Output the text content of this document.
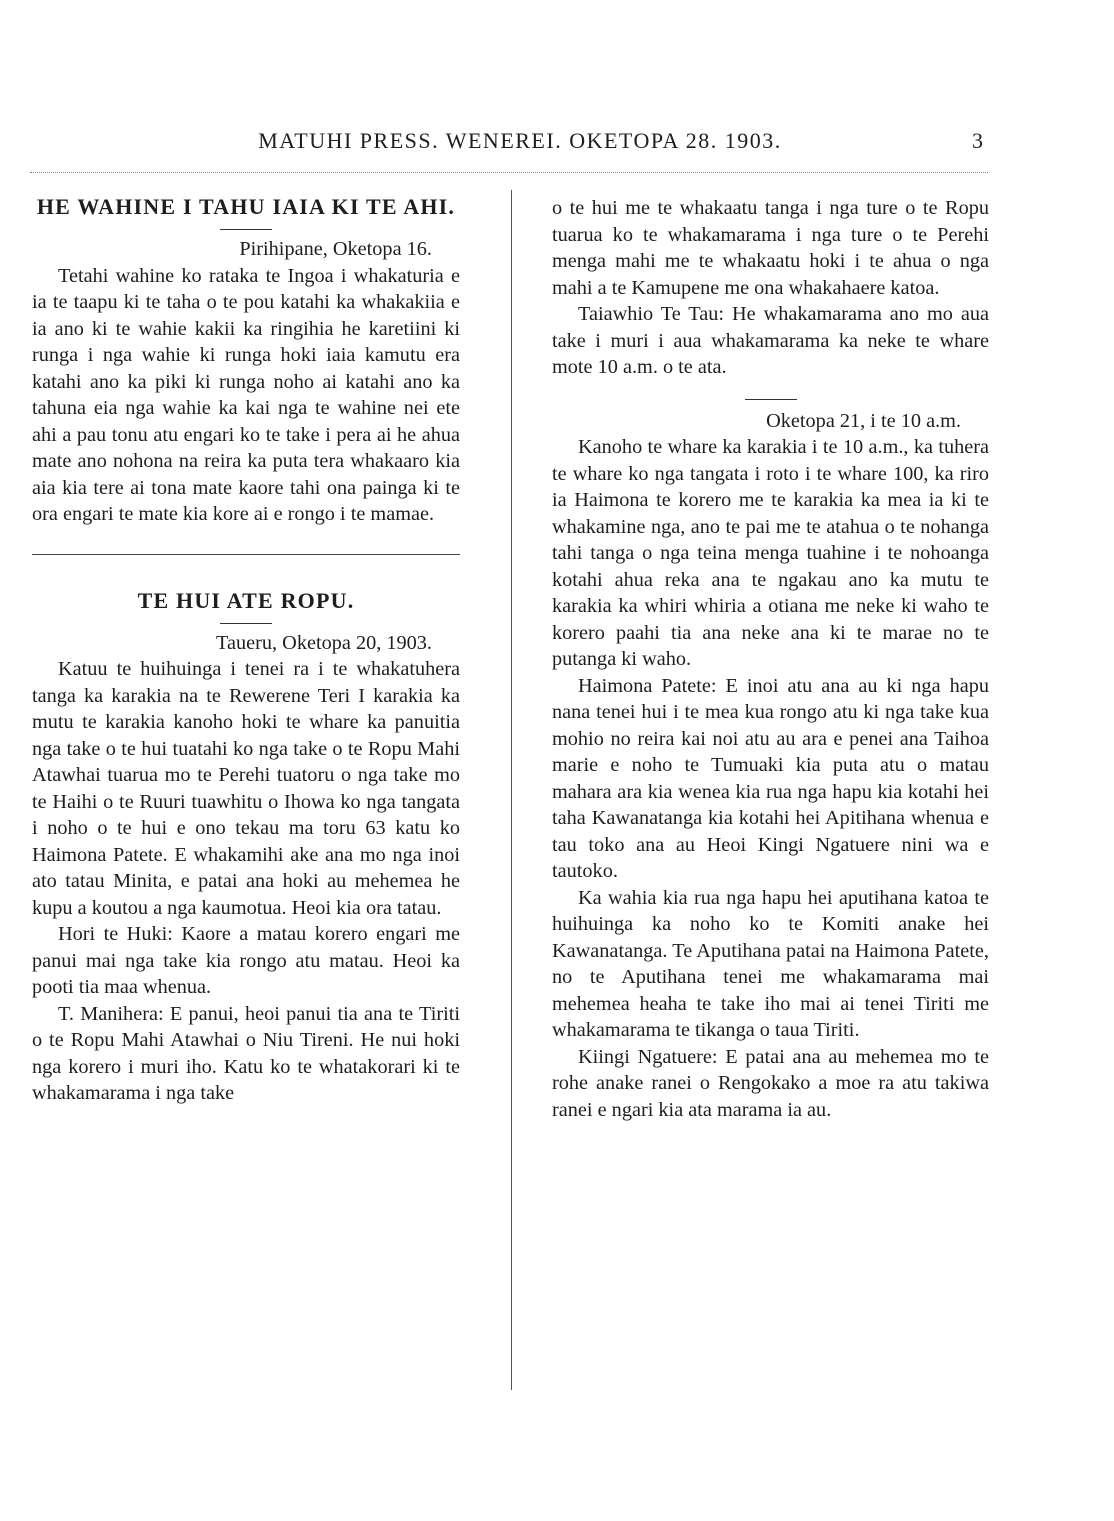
MATUHI PRESS. WENEREI. OKETOPA 28. 1903.	3
HE WAHINE I TAHU IAIA KI TE AHI.

Pirihipane, Oketopa 16.

Tetahi wahine ko rataka te Ingoa i whakaturia e ia te taapu ki te taha o te pou katahi ka whakakiia e ia ano ki te wahie kakii ka ringihia he karetiini ki runga i nga wahie ki runga hoki iaia kamutu era katahi ano ka piki ki runga noho ai katahi ano ka tahuna eia nga wahie ka kai nga te wahine nei ete ahi a pau tonu atu engari ko te take i pera ai he ahua mate ano nohona na reira ka puta tera whakaaro kia aia kia tere ai tona mate kaore tahi ona painga ki te ora engari te mate kia kore ai e rongo i te mamae.

TE HUI ATE ROPU.

Taueru, Oketopa 20, 1903.

Katuu te huihuinga i tenei ra i te whakatuhera tanga ka karakia na te Rewerene Teri I karakia ka mutu te karakia kanoho hoki te whare ka panuitia nga take o te hui tuatahi ko nga take o te Ropu Mahi Atawhai tuarua mo te Perehi tuatoru o nga take mo te Haihi o te Ruuri tuawhitu o Ihowa ko nga tangata i noho o te hui e ono tekau ma toru 63 katu ko Haimona Patete. E whakamihi ake ana mo nga inoi ato tatau Minita, e patai ana hoki au mehemea he kupu a koutou a nga kaumotua. Heoi kia ora tatau.

Hori te Huki: Kaore a matau korero engari me panui mai nga take kia rongo atu matau. Heoi ka pooti tia maa whenua.

T. Manihera: E panui, heoi panui tia ana te Tiriti o te Ropu Mahi Atawhai o Niu Tireni. He nui hoki nga korero i muri iho. Katu ko te whatakorari ki te whakamarama i nga take

o te hui me te whakaatu tanga i nga ture o te Ropu tuarua ko te whakamarama i nga ture o te Perehi menga mahi me te whakaatu hoki i te ahua o nga mahi a te Kamupene me ona whakahaere katoa.

Taiawhio Te Tau: He whakamarama ano mo aua take i muri i aua whakamarama ka neke te whare mote 10 a.m. o te ata.

Oketopa 21, i te 10 a.m.

Kanoho te whare ka karakia i te 10 a.m., ka tuhera te whare ko nga tangata i roto i te whare 100, ka riro ia Haimona te korero me te karakia ka mea ia ki te whakamine nga, ano te pai me te atahua o te nohanga tahi tanga o nga teina menga tuahine i te nohoanga kotahi ahua reka ana te ngakau ano ka mutu te karakia ka whiri whiria a otiana me neke ki waho te korero paahi tia ana neke ana ki te marae no te putanga ki waho.

Haimona Patete: E inoi atu ana au ki nga hapu nana tenei hui i te mea kua rongo atu ki nga take kua mohio no reira kai noi atu au ara e penei ana Taihoa marie e noho te Tumuaki kia puta atu o matau mahara ara kia wenea kia rua nga hapu kia kotahi hei taha Kawanatanga kia kotahi hei Apitihana whenua e tau toko ana au Heoi Kingi Ngatuere nini wa e tautoko.

Ka wahia kia rua nga hapu hei aputihana katoa te huihuinga ka noho ko te Komiti anake hei Kawanatanga. Te Aputihana patai na Haimona Patete, no te Aputihana tenei me whakamarama mai mehemea heaha te take iho mai ai tenei Tiriti me whakamarama te tikanga o taua Tiriti.

Kiingi Ngatuere: E patai ana au mehemea mo te rohe anake ranei o Rengokako a moe ra atu takiwa ranei e ngari kia ata marama ia au.
